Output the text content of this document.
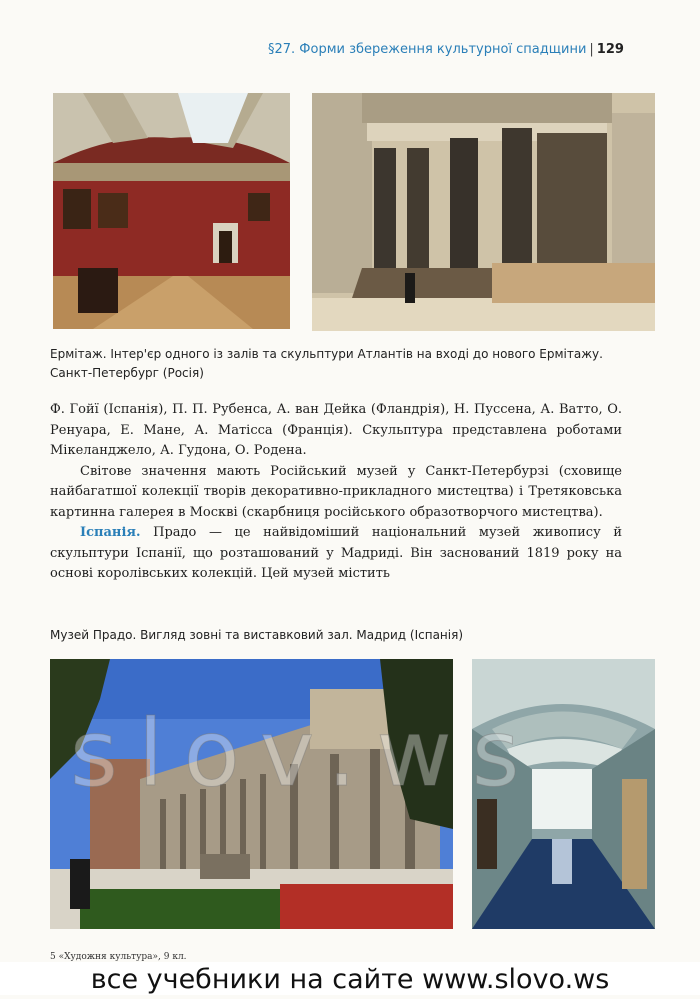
§27. Форми збереження культурної спадщини | 129
Ермітаж. Інтер'єр одного із залів та скульптури Атлантів на вході до нового Ермітажу.
Санкт-Петербург (Росія)

Ф. Гойї (Іспанія), П. П. Рубенса, А. ван Дейка (Фландрія), Н. Пуссена, А. Ватто, О. Ренуара, Е. Мане, А. Матісса (Франція). Скульптура представлена роботами Мікеланджело, А. Гудона, О. Родена.

Світове значення мають Російський музей у Санкт-Петербурзі (сховище найбагатшої колекції творів декоративно-прикладного мистецтва) і Третяковська картинна галерея в Москві (скарбниця російського образотворчого мистецтва).

Іспанія. Прадо — це найвідоміший національний музей живопису й скульптури Іспанії, що розташований у Мадриді. Він заснований 1819 року на основі королівських колекцій. Цей музей містить

Музей Прадо. Вигляд зовні та виставковий зал. Мадрид (Іспанія)
slov.ws
5 «Художня культура», 9 кл.
все учебники на сайте www.slovo.ws
